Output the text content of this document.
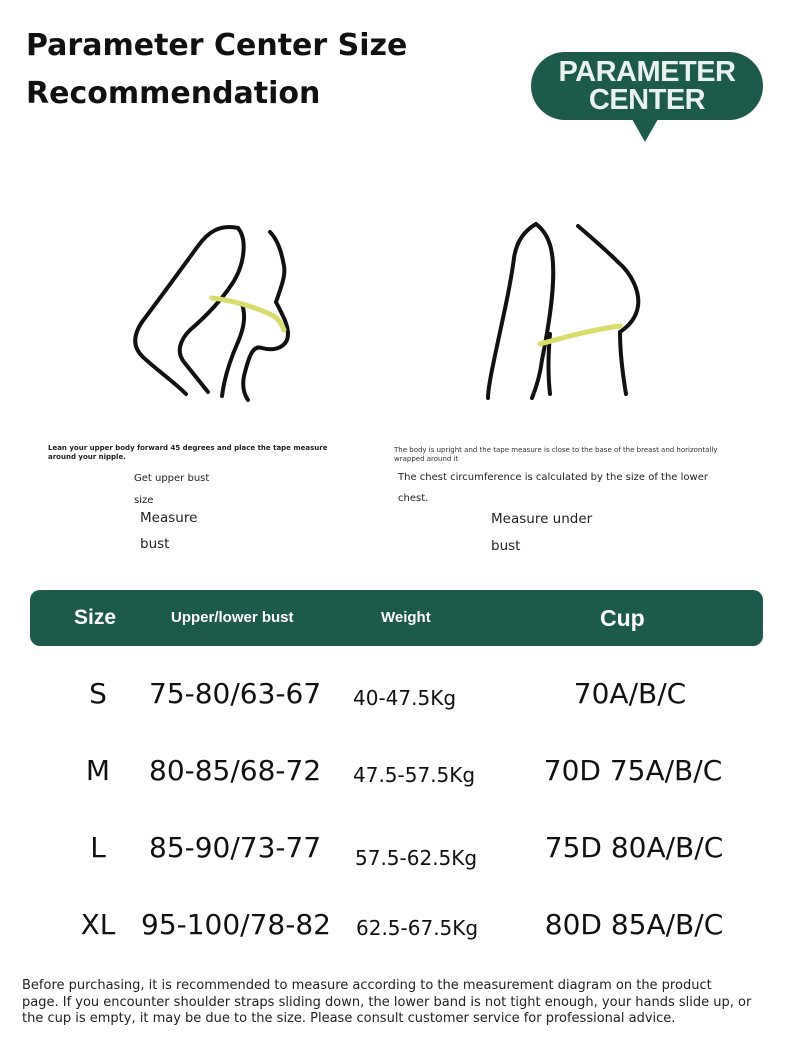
Parameter Center Size
Recommendation
PARAMETER
CENTER
Lean your upper body forward 45 degrees and place the tape measure around your nipple.
Get upper bust
size
Measure
bust
The body is upright and the tape measure is close to the base of the breast and horizontally wrapped around it
The chest circumference is calculated by the size of the lower
chest.
Measure under
bust
Size	Upper/lower bust	Weight	Cup
S	75-80/63-67 40-47.5Kg	70A/B/C
M	80-85/68-72 47.5-57.5Kg	70D 75A/B/C
L	85-90/73-77 57.5-62.5Kg	75D 80A/B/C
XL 95-100/78-82 62.5-67.5Kg	80D 85A/B/C
Before purchasing, it is recommended to measure according to the measurement diagram on the product page. If you encounter shoulder straps sliding down, the lower band is not tight enough, your hands slide up, or the cup is empty, it may be due to the size. Please consult customer service for professional advice.
